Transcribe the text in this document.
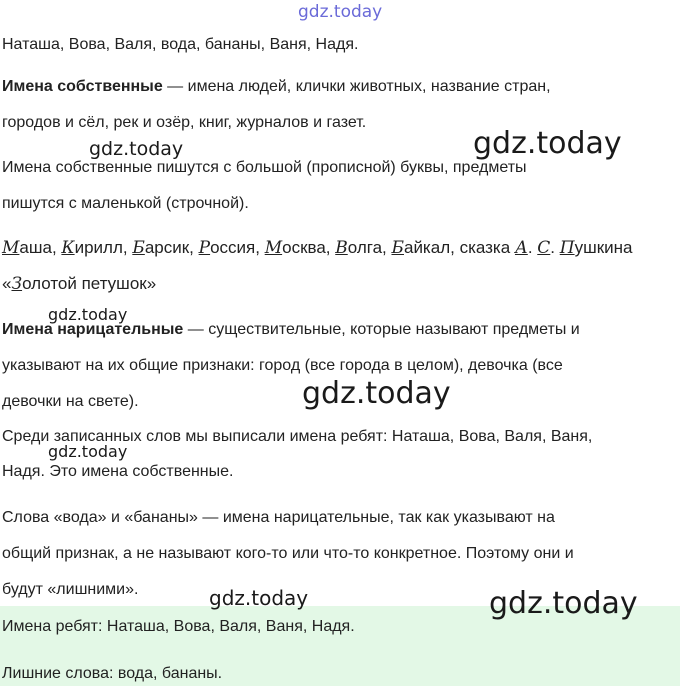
gdz.today
Наташа, Вова, Валя, вода, бананы, Ваня, Надя.
Имена собственные — имена людей, клички животных, название стран,
городов и сёл, рек и озёр, книг, журналов и газет.
gdz.today	gdz.today
Имена собственные пишутся с большой (прописной) буквы, предметы
пишутся с маленькой (строчной).
Маша, Кирилл, Барсик, Россия, Москва, Волга, Байкал, сказка А. С. Пушкина
«Золотой петушок»
gdz.today
Имена нарицательные — существительные, которые называют предметы и
указывают на их общие признаки: город (все города в целом), девочка (все
девочки на свете).	gdz.today
Среди записанных слов мы выписали имена ребят: Наташа, Вова, Валя, Ваня,
gdz.today
Надя. Это имена собственные.
Слова «вода» и «бананы» — имена нарицательные, так как указывают на
общий признак, а не называют кого-то или что-то конкретное. Поэтому они и
будут «лишними».	gdz.today	gdz.today
Имена ребят: Наташа, Вова, Валя, Ваня, Надя.
Лишние слова: вода, бананы.
